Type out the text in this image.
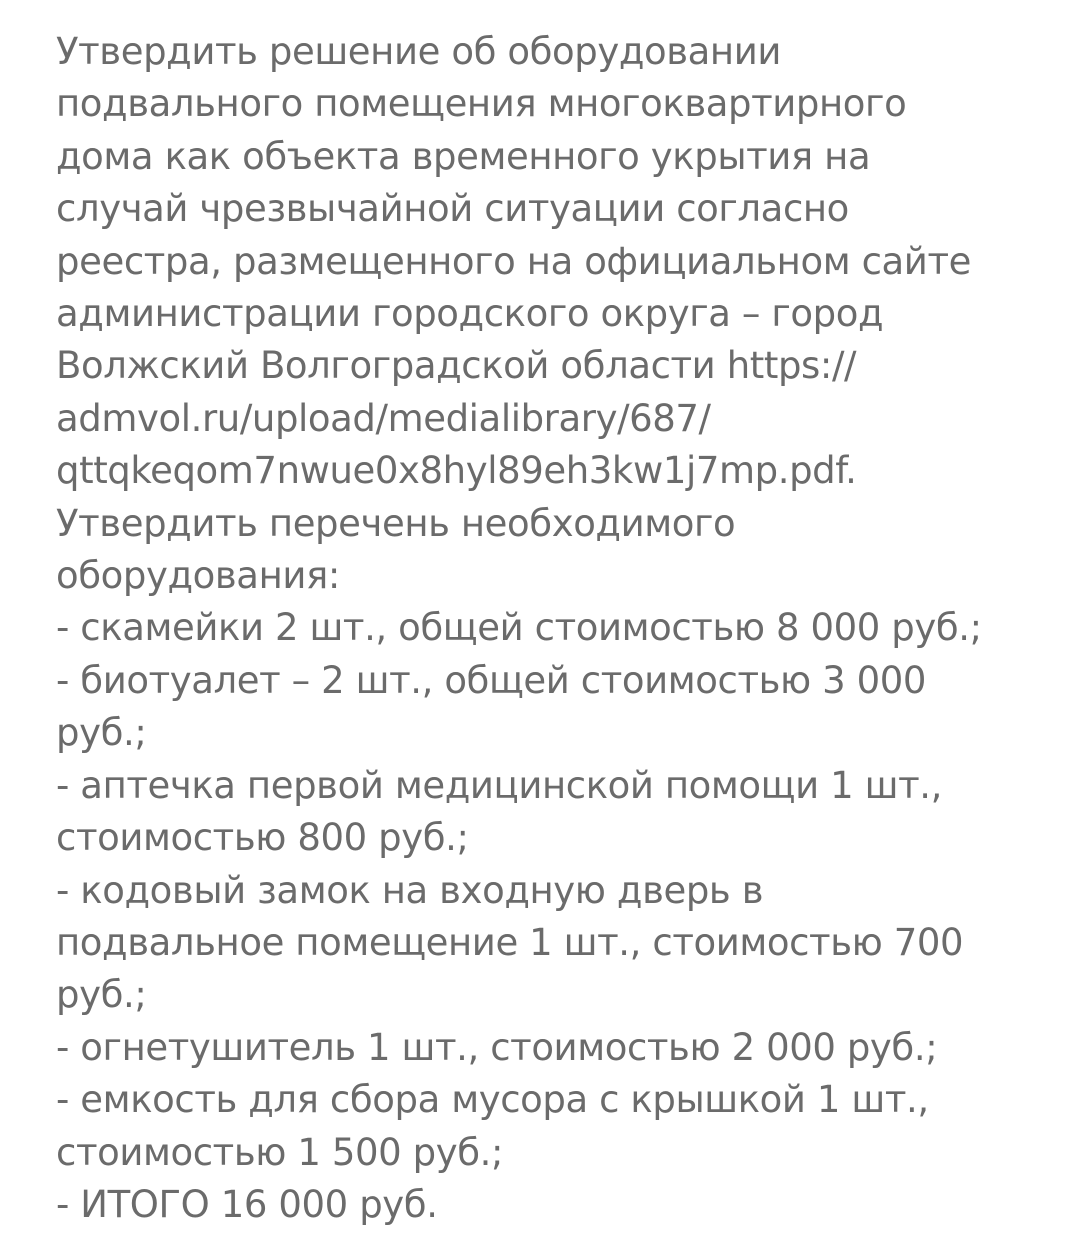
Утвердить решение об оборудовании
подвального помещения многоквартирного
дома как объекта временного укрытия на
случай чрезвычайной ситуации согласно
реестра, размещенного на официальном сайте
администрации городского округа – город
Волжский Волгоградской области https://
admvol.ru/upload/medialibrary/687/
qttqkeqom7nwue0x8hyl89eh3kw1j7mp.pdf.
Утвердить перечень необходимого
оборудования:
- скамейки 2 шт., общей стоимостью 8 000 руб.;
- биотуалет – 2 шт., общей стоимостью 3 000
руб.;
- аптечка первой медицинской помощи 1 шт.,
стоимостью 800 руб.;
- кодовый замок на входную дверь в
подвальное помещение 1 шт., стоимостью 700
руб.;
- огнетушитель 1 шт., стоимостью 2 000 руб.;
- емкость для сбора мусора с крышкой 1 шт.,
стоимостью 1 500 руб.;
- ИТОГО 16 000 руб.
